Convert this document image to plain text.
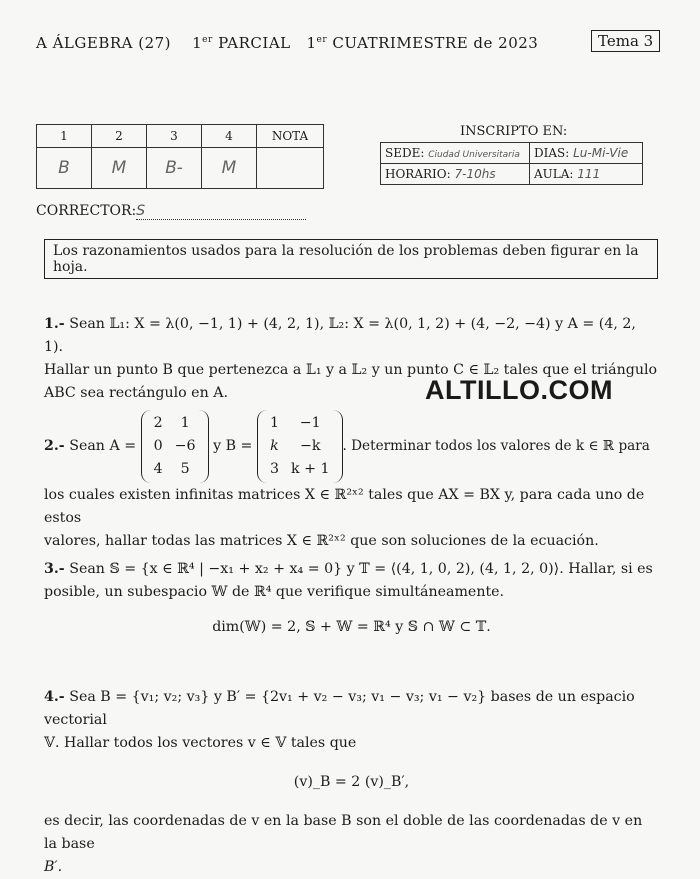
A ÁLGEBRA (27) 1er PARCIAL 1er CUATRIMESTRE de 2023	Tema 3
1	2	3	4	NOTA
B	M	B-	M	
INSCRIPTO EN:
SEDE: Ciudad Universitaria	DIAS: Lu-Mi-Vie
HORARIO: 7-10hs	AULA: 111
CORRECTOR:S
Los razonamientos usados para la resolución de los problemas deben figurar en la hoja.
1.- Sean 𝕃₁: X = λ(0, −1, 1) + (4, 2, 1), 𝕃₂: X = λ(0, 1, 2) + (4, −2, −4) y A = (4, 2, 1).
Hallar un punto B que pertenezca a 𝕃₁ y a 𝕃₂ y un punto C ∈ 𝕃₂ tales que el triángulo
ABC sea rectángulo en A.	ALTILLO.COM
2.-
Sean A =

2	1
0	−6
4	5

y B =

1	−1
k	−k
3	k + 1
. Determinar todos los valores de k ∈ ℝ para
los cuales existen infinitas matrices X ∈ ℝ²ˣ² tales que AX = BX y, para cada uno de estos
valores, hallar todas las matrices X ∈ ℝ²ˣ² que son soluciones de la ecuación.
3.- Sean 𝕊 = {x ∈ ℝ⁴ | −x₁ + x₂ + x₄ = 0} y 𝕋 = ⟨(4, 1, 0, 2), (4, 1, 2, 0)⟩. Hallar, si es
posible, un subespacio 𝕎 de ℝ⁴ que verifique simultáneamente.
dim(𝕎) = 2, 𝕊 + 𝕎 = ℝ⁴ y 𝕊 ∩ 𝕎 ⊂ 𝕋.
4.- Sea B = {v₁; v₂; v₃} y B′ = {2v₁ + v₂ − v₃; v₁ − v₃; v₁ − v₂} bases de un espacio vectorial
𝕍. Hallar todos los vectores v ∈ 𝕍 tales que
(v)_B = 2 (v)_B′,
es decir, las coordenadas de v en la base B son el doble de las coordenadas de v en la base
B′.
